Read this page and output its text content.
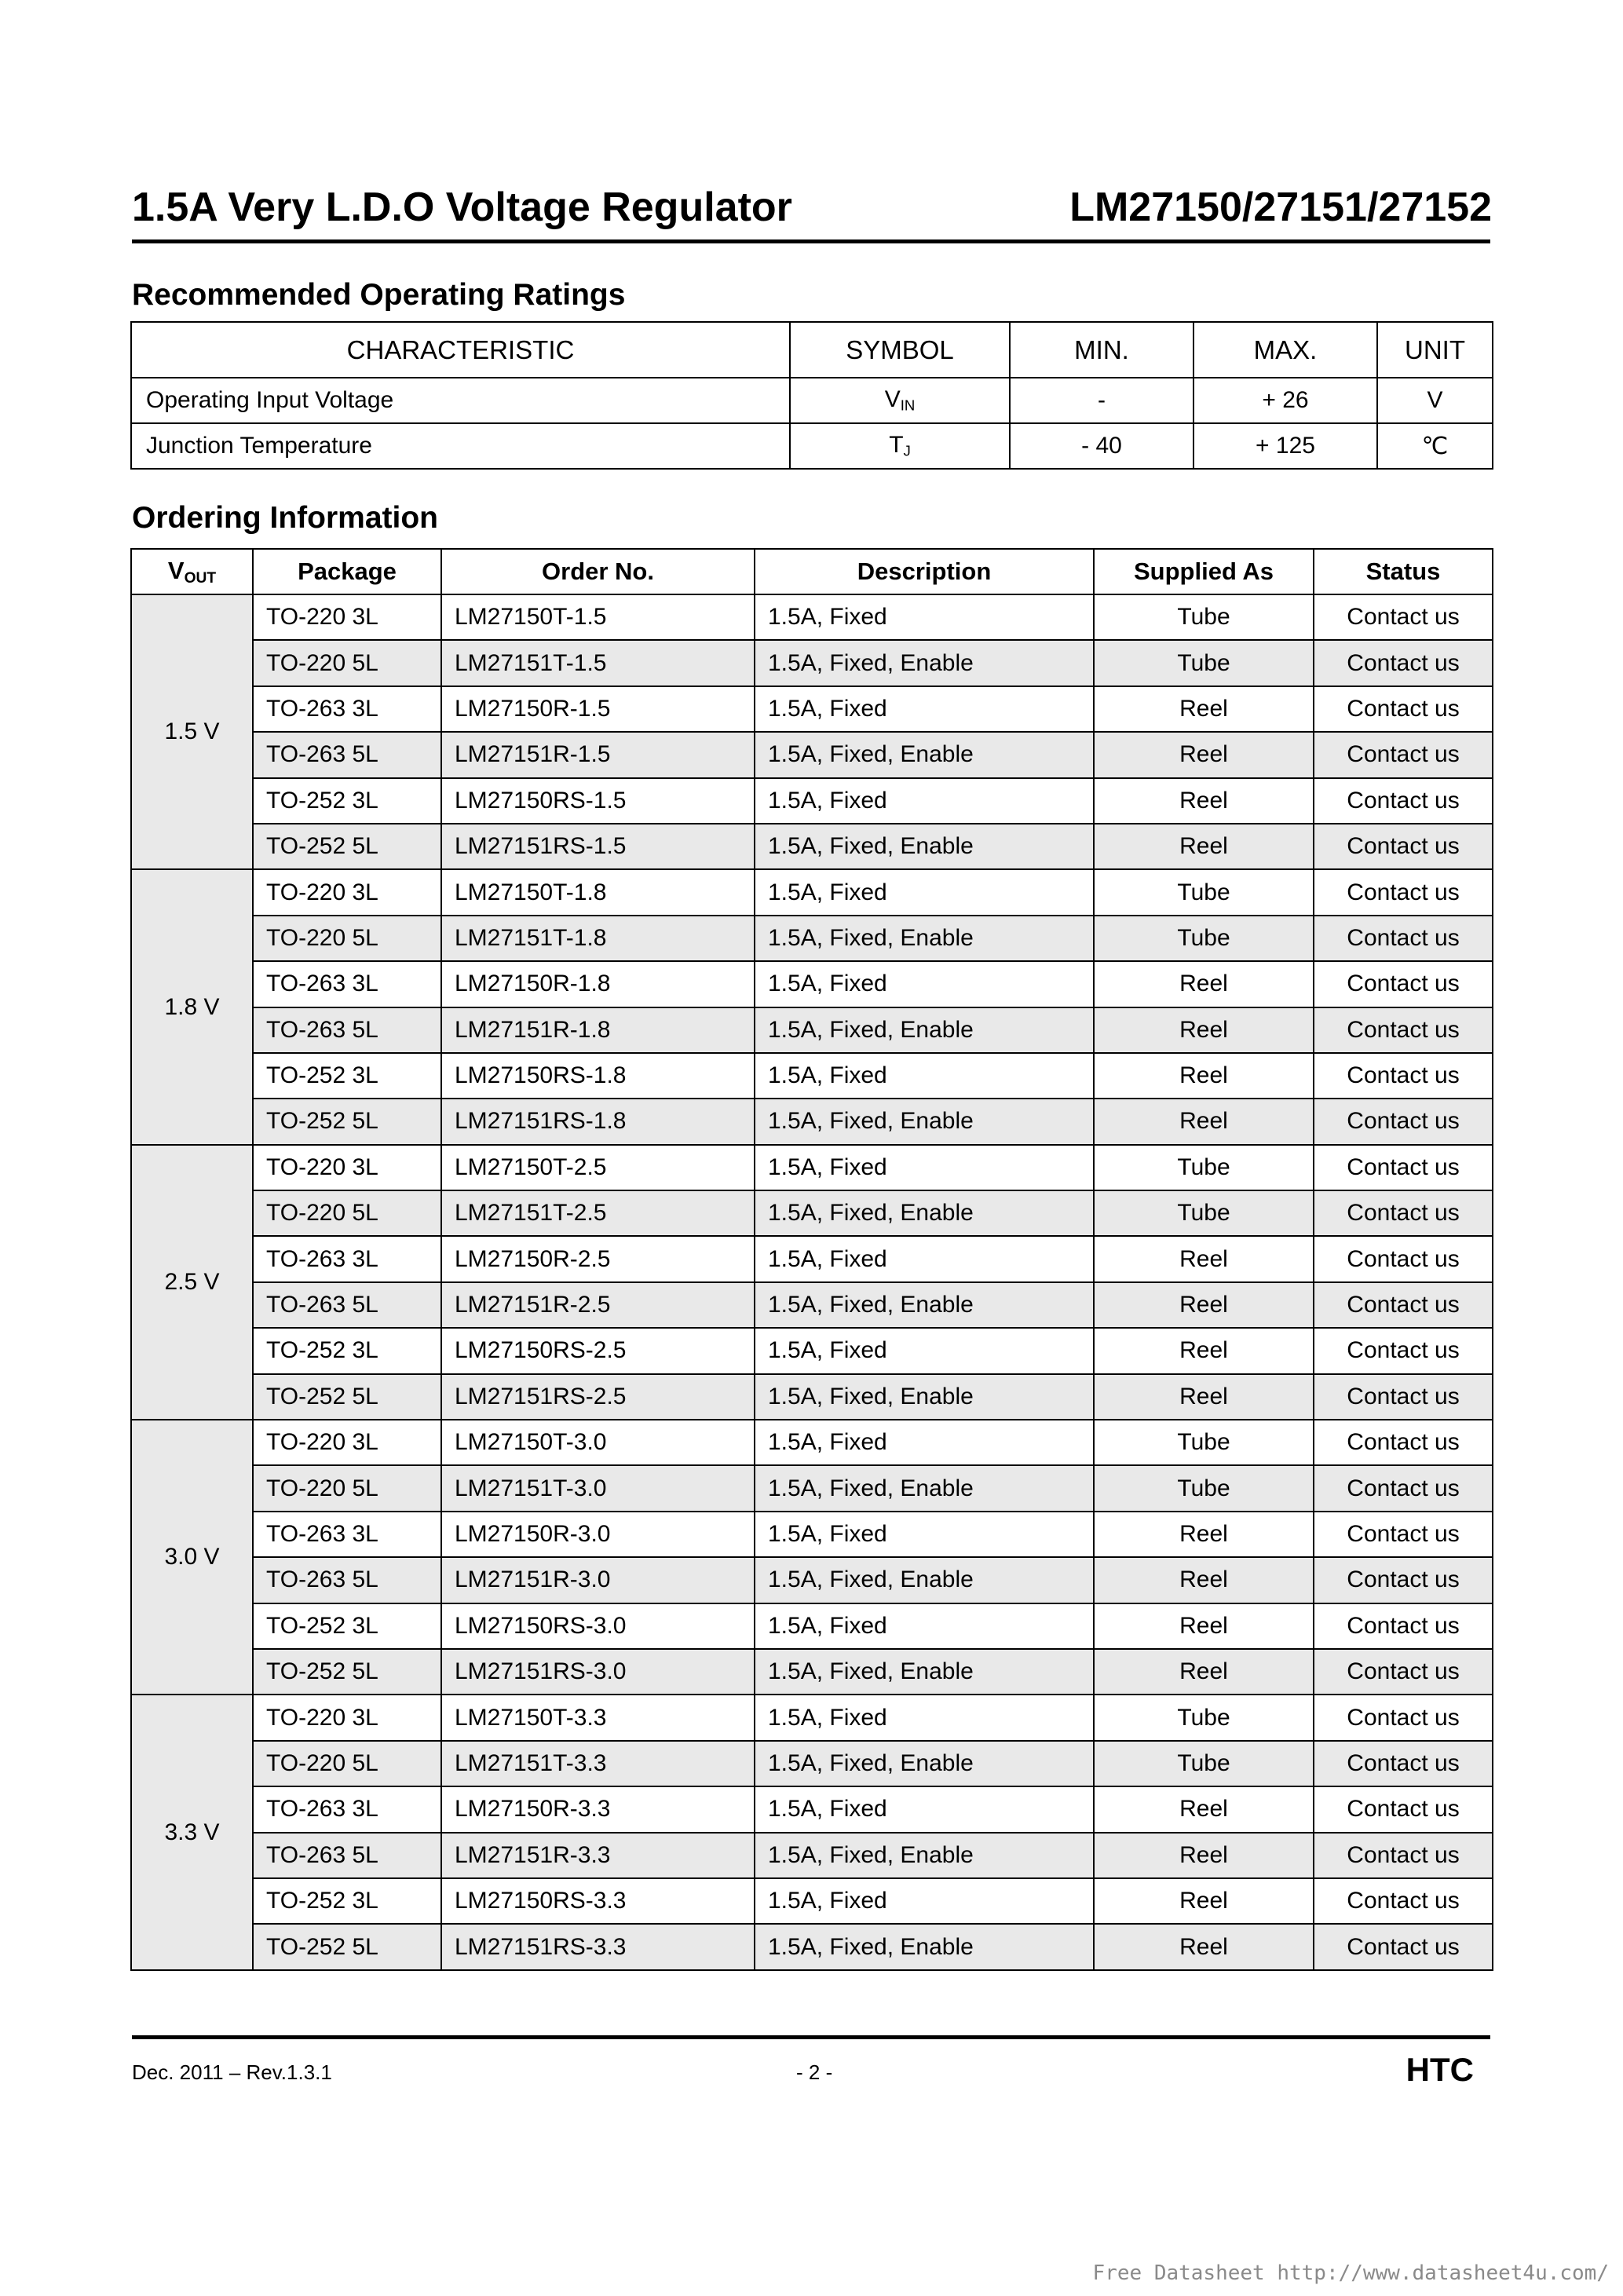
1.5A Very L.D.O Voltage Regulator	LM27150/27151/27152
Recommended Operating Ratings
CHARACTERISTIC	SYMBOL	MIN.	MAX.	UNIT
Operating Input Voltage	$V_{IN}$	-	+ 26	V
Junction Temperature	$T_J$	- 40	+ 125	℃
Ordering Information
$V_{OUT}$	Package	Order No.	Description	Supplied As	Status
1.5 V	TO-220 3L	LM27150T-1.5	1.5A, Fixed	Tube	Contact us
	TO-220 5L	LM27151T-1.5	1.5A, Fixed, Enable	Tube	Contact us
	TO-263 3L	LM27150R-1.5	1.5A, Fixed	Reel	Contact us
	TO-263 5L	LM27151R-1.5	1.5A, Fixed, Enable	Reel	Contact us
	TO-252 3L	LM27150RS-1.5	1.5A, Fixed	Reel	Contact us
	TO-252 5L	LM27151RS-1.5	1.5A, Fixed, Enable	Reel	Contact us
1.8 V	TO-220 3L	LM27150T-1.8	1.5A, Fixed	Tube	Contact us
	TO-220 5L	LM27151T-1.8	1.5A, Fixed, Enable	Tube	Contact us
	TO-263 3L	LM27150R-1.8	1.5A, Fixed	Reel	Contact us
	TO-263 5L	LM27151R-1.8	1.5A, Fixed, Enable	Reel	Contact us
	TO-252 3L	LM27150RS-1.8	1.5A, Fixed	Reel	Contact us
	TO-252 5L	LM27151RS-1.8	1.5A, Fixed, Enable	Reel	Contact us
2.5 V	TO-220 3L	LM27150T-2.5	1.5A, Fixed	Tube	Contact us
	TO-220 5L	LM27151T-2.5	1.5A, Fixed, Enable	Tube	Contact us
	TO-263 3L	LM27150R-2.5	1.5A, Fixed	Reel	Contact us
	TO-263 5L	LM27151R-2.5	1.5A, Fixed, Enable	Reel	Contact us
	TO-252 3L	LM27150RS-2.5	1.5A, Fixed	Reel	Contact us
	TO-252 5L	LM27151RS-2.5	1.5A, Fixed, Enable	Reel	Contact us
3.0 V	TO-220 3L	LM27150T-3.0	1.5A, Fixed	Tube	Contact us
	TO-220 5L	LM27151T-3.0	1.5A, Fixed, Enable	Tube	Contact us
	TO-263 3L	LM27150R-3.0	1.5A, Fixed	Reel	Contact us
	TO-263 5L	LM27151R-3.0	1.5A, Fixed, Enable	Reel	Contact us
	TO-252 3L	LM27150RS-3.0	1.5A, Fixed	Reel	Contact us
	TO-252 5L	LM27151RS-3.0	1.5A, Fixed, Enable	Reel	Contact us
3.3 V	TO-220 3L	LM27150T-3.3	1.5A, Fixed	Tube	Contact us
	TO-220 5L	LM27151T-3.3	1.5A, Fixed, Enable	Tube	Contact us
	TO-263 3L	LM27150R-3.3	1.5A, Fixed	Reel	Contact us
	TO-263 5L	LM27151R-3.3	1.5A, Fixed, Enable	Reel	Contact us
	TO-252 3L	LM27150RS-3.3	1.5A, Fixed	Reel	Contact us
	TO-252 5L	LM27151RS-3.3	1.5A, Fixed, Enable	Reel	Contact us
Dec. 2011 – Rev.1.3.1	- 2 -	HTC
Free Datasheet http://www.datasheet4u.com/
